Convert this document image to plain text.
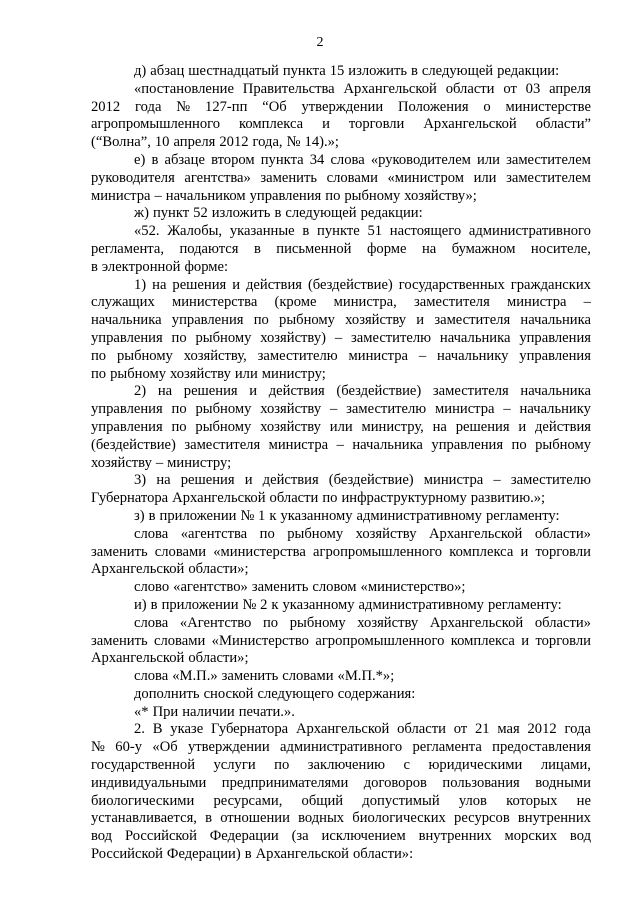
2
д) абзац шестнадцатый пункта 15 изложить в следующей редакции:
«постановление Правительства Архангельской области от 03 апреля
2012 года № 127-пп “Об утверждении Положения о министерстве
агропромышленного комплекса и торговли Архангельской области”
(“Волна”, 10 апреля 2012 года, № 14).»;
е) в абзаце втором пункта 34 слова «руководителем или заместителем
руководителя агентства» заменить словами «министром или заместителем
министра – начальником управления по рыбному хозяйству»;
ж) пункт 52 изложить в следующей редакции:
«52. Жалобы, указанные в пункте 51 настоящего административного
регламента, подаются в письменной форме на бумажном носителе,
в электронной форме:
1) на решения и действия (бездействие) государственных гражданских
служащих министерства (кроме министра, заместителя министра –
начальника управления по рыбному хозяйству и заместителя начальника
управления по рыбному хозяйству) – заместителю начальника управления
по рыбному хозяйству, заместителю министра – начальнику управления
по рыбному хозяйству или министру;
2) на решения и действия (бездействие) заместителя начальника
управления по рыбному хозяйству – заместителю министра – начальнику
управления по рыбному хозяйству или министру, на решения и действия
(бездействие) заместителя министра – начальника управления по рыбному
хозяйству – министру;
3) на решения и действия (бездействие) министра – заместителю
Губернатора Архангельской области по инфраструктурному развитию.»;
з) в приложении № 1 к указанному административному регламенту:
слова «агентства по рыбному хозяйству Архангельской области»
заменить словами «министерства агропромышленного комплекса и торговли
Архангельской области»;
слово «агентство» заменить словом «министерство»;
и) в приложении № 2 к указанному административному регламенту:
слова «Агентство по рыбному хозяйству Архангельской области»
заменить словами «Министерство агропромышленного комплекса и торговли
Архангельской области»;
слова «М.П.» заменить словами «М.П.*»;
дополнить сноской следующего содержания:
«* При наличии печати.».
2. В указе Губернатора Архангельской области от 21 мая 2012 года
№ 60-у «Об утверждении административного регламента предоставления
государственной услуги по заключению с юридическими лицами,
индивидуальными предпринимателями договоров пользования водными
биологическими ресурсами, общий допустимый улов которых не
устанавливается, в отношении водных биологических ресурсов внутренних
вод Российской Федерации (за исключением внутренних морских вод
Российской Федерации) в Архангельской области»:
